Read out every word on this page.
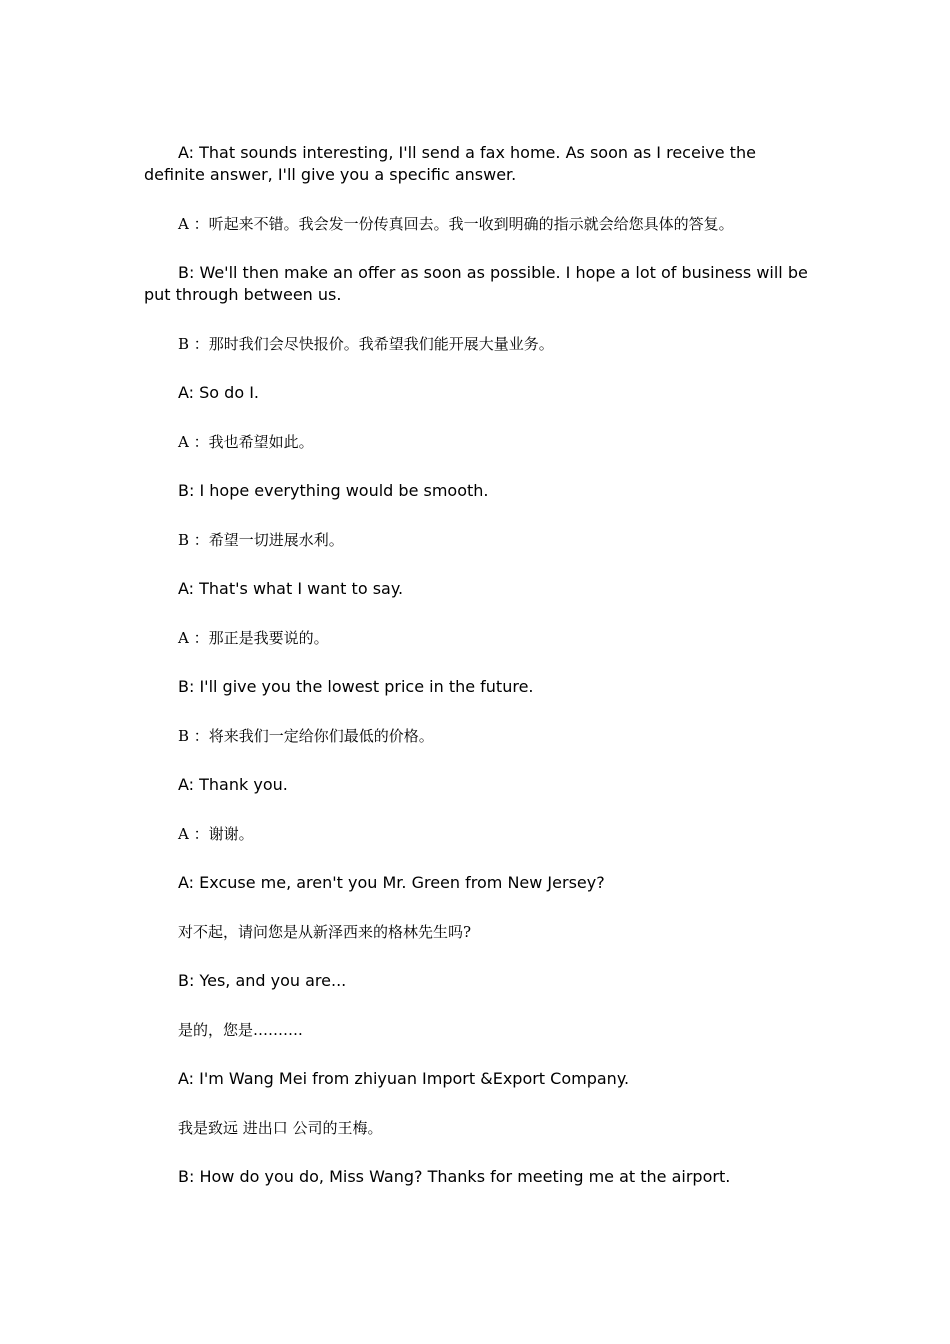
A: That sounds interesting, I'll send a fax home. As soon as I receive the definite answer, I'll give you a specific answer.

A ：听起来不错。我会发一份传真回去。我一收到明确的指示就会给您具体的答复。

B: We'll then make an offer as soon as possible. I hope a lot of business will be put through between us.

B ：那时我们会尽快报价。我希望我们能开展大量业务。

A: So do I.

A ：我也希望如此。

B: I hope everything would be smooth.

B ：希望一切进展水利。

A: That's what I want to say.

A ：那正是我要说的。

B: I'll give you the lowest price in the future.

B ：将来我们一定给你们最低的价格。

A: Thank you.

A ：谢谢。

A: Excuse me, aren't you Mr. Green from New Jersey?

对不起，请问您是从新泽西来的格林先生吗?

B: Yes, and you are...

是的，您是……….

A: I'm Wang Mei from zhiyuan Import &Export Company.

我是致远 进出口 公司的王梅。

B: How do you do, Miss Wang? Thanks for meeting me at the airport.
